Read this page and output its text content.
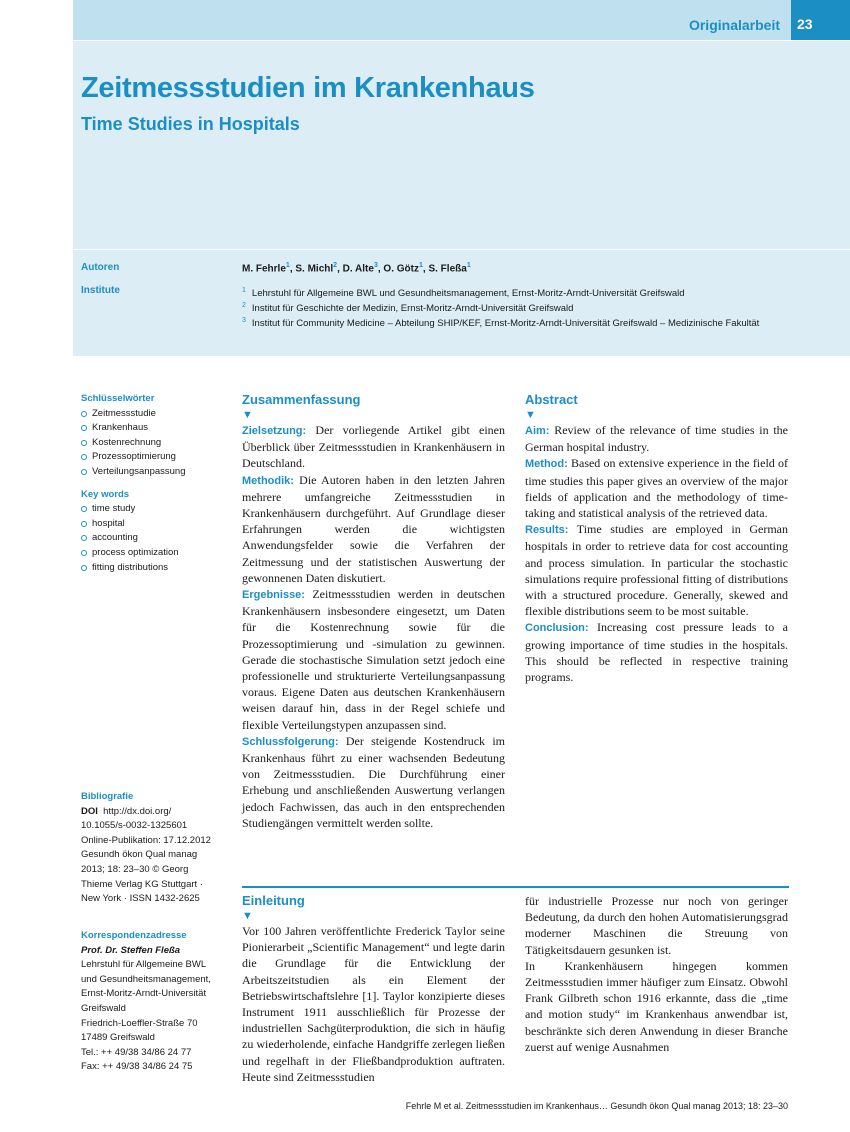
Originalarbeit 23
Zeitmessstudien im Krankenhaus
Time Studies in Hospitals
Autoren
Institute
M. Fehrle$^1$, S. Michl$^2$, D. Alte$^3$, O. Götz$^1$, S. Fleßa$^1$
$^1$ Lehrstuhl für Allgemeine BWL und Gesundheitsmanagement, Ernst-Moritz-Arndt-Universität Greifswald
$^2$ Institut für Geschichte der Medizin, Ernst-Moritz-Arndt-Universität Greifswald
$^3$ Institut für Community Medicine – Abteilung SHIP/KEF, Ernst-Moritz-Arndt-Universität Greifswald – Medizinische Fakultät
Schlüsselwörter
Zeitmessstudie
Krankenhaus
Kostenrechnung
Prozessoptimierung
Verteilungsanpassung
Key words
time study
hospital
accounting
process optimization
fitting distributions
Bibliografie
DOI http://dx.doi.org/
10.1055/s-0032-1325601
Online-Publikation: 17.12.2012
Gesundh ökon Qual manag
2013; 18: 23–30 © Georg
Thieme Verlag KG Stuttgart ·
New York · ISSN 1432-2625
Korrespondenzadresse
Prof. Dr. Steffen Fleßa
Lehrstuhl für Allgemeine BWL
und Gesundheitsmanagement,
Ernst-Moritz-Arndt-Universität
Greifswald
Friedrich-Loeffler-Straße 70
17489 Greifswald
Tel.: ++ 49/38 34/86 24 77
Fax: ++ 49/38 34/86 24 75
Zusammenfassung
▼

Zielsetzung: Der vorliegende Artikel gibt einen Überblick über Zeitmessstudien in Krankenhäusern in Deutschland.

Methodik: Die Autoren haben in den letzten Jahren mehrere umfangreiche Zeitmessstudien in Krankenhäusern durchgeführt. Auf Grundlage dieser Erfahrungen werden die wichtigsten Anwendungsfelder sowie die Verfahren der Zeitmessung und der statistischen Auswertung der gewonnenen Daten diskutiert.

Ergebnisse: Zeitmessstudien werden in deutschen Krankenhäusern insbesondere eingesetzt, um Daten für die Kostenrechnung sowie für die Prozessoptimierung und -simulation zu gewinnen. Gerade die stochastische Simulation setzt jedoch eine professionelle und strukturierte Verteilungsanpassung voraus. Eigene Daten aus deutschen Krankenhäusern weisen darauf hin, dass in der Regel schiefe und flexible Verteilungstypen anzupassen sind.

Schlussfolgerung: Der steigende Kostendruck im Krankenhaus führt zu einer wachsenden Bedeutung von Zeitmessstudien. Die Durchführung einer Erhebung und anschließenden Auswertung verlangen jedoch Fachwissen, das auch in den entsprechenden Studiengängen vermittelt werden sollte.

Abstract
▼

Aim: Review of the relevance of time studies in the German hospital industry.

Method: Based on extensive experience in the field of time studies this paper gives an overview of the major fields of application and the methodology of time-taking and statistical analysis of the retrieved data.

Results: Time studies are employed in German hospitals in order to retrieve data for cost accounting and process simulation. In particular the stochastic simulations require professional fitting of distributions with a structured procedure. Generally, skewed and flexible distributions seem to be most suitable.

Conclusion: Increasing cost pressure leads to a growing importance of time studies in the hospitals. This should be reflected in respective training programs.

Einleitung
▼

Vor 100 Jahren veröffentlichte Frederick Taylor seine Pionierarbeit „Scientific Management“ und legte darin die Grundlage für die Entwicklung der Arbeitszeitstudien als ein Element der Betriebswirtschaftslehre [1]. Taylor konzipierte dieses Instrument 1911 ausschließlich für Prozesse der industriellen Sachgüterproduktion, die sich in häufig zu wiederholende, einfache Handgriffe zerlegen ließen und regelhaft in der Fließbandproduktion auftraten. Heute sind Zeitmessstudien

für industrielle Prozesse nur noch von geringer Bedeutung, da durch den hohen Automatisierungsgrad moderner Maschinen die Streuung von Tätigkeitsdauern gesunken ist.

In Krankenhäusern hingegen kommen Zeitmessstudien immer häufiger zum Einsatz. Obwohl Frank Gilbreth schon 1916 erkannte, dass die „time and motion study“ im Krankenhaus anwendbar ist, beschränkte sich deren Anwendung in dieser Branche zuerst auf wenige Ausnahmen

Fehrle M et al. Zeitmessstudien im Krankenhaus… Gesundh ökon Qual manag 2013; 18: 23–30
